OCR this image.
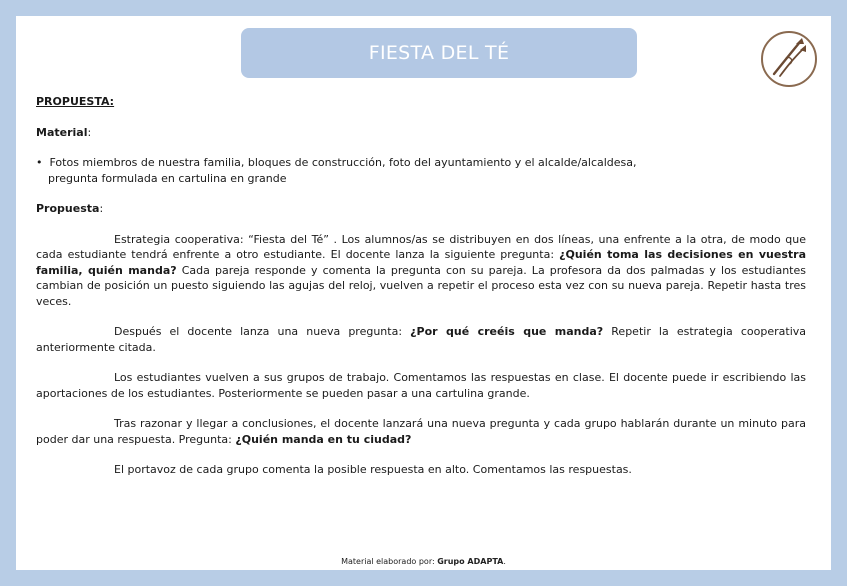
FIESTA DEL TÉ

PROPUESTA:

Material:

•  Fotos miembros de nuestra familia, bloques de construcción, foto del ayuntamiento y el alcalde/alcaldesa,
pregunta formulada en cartulina en grande

Propuesta:

Estrategia cooperativa: “Fiesta del Té” . Los alumnos/as se distribuyen en dos líneas, una enfrente a la otra, de modo que cada estudiante tendrá enfrente a otro estudiante. El docente lanza la siguiente pregunta: ¿Quién toma las decisiones en vuestra familia, quién manda? Cada pareja responde y comenta la pregunta con su pareja. La profesora da dos palmadas y los estudiantes cambian de posición un puesto siguiendo las agujas del reloj, vuelven a repetir el proceso esta vez con su nueva pareja. Repetir hasta tres veces.

Después el docente lanza una nueva pregunta: ¿Por qué creéis que manda? Repetir la estrategia cooperativa anteriormente citada.

Los estudiantes vuelven a sus grupos de trabajo. Comentamos las respuestas en clase. El docente puede ir escribiendo las aportaciones de los estudiantes. Posteriormente se pueden pasar a una cartulina grande.

Tras razonar y llegar a conclusiones, el docente lanzará una nueva pregunta y cada grupo hablarán durante un minuto para poder dar una respuesta. Pregunta: ¿Quién manda en tu ciudad?

El portavoz de cada grupo comenta la posible respuesta en alto. Comentamos las respuestas.

Material elaborado por: Grupo ADAPTA.
